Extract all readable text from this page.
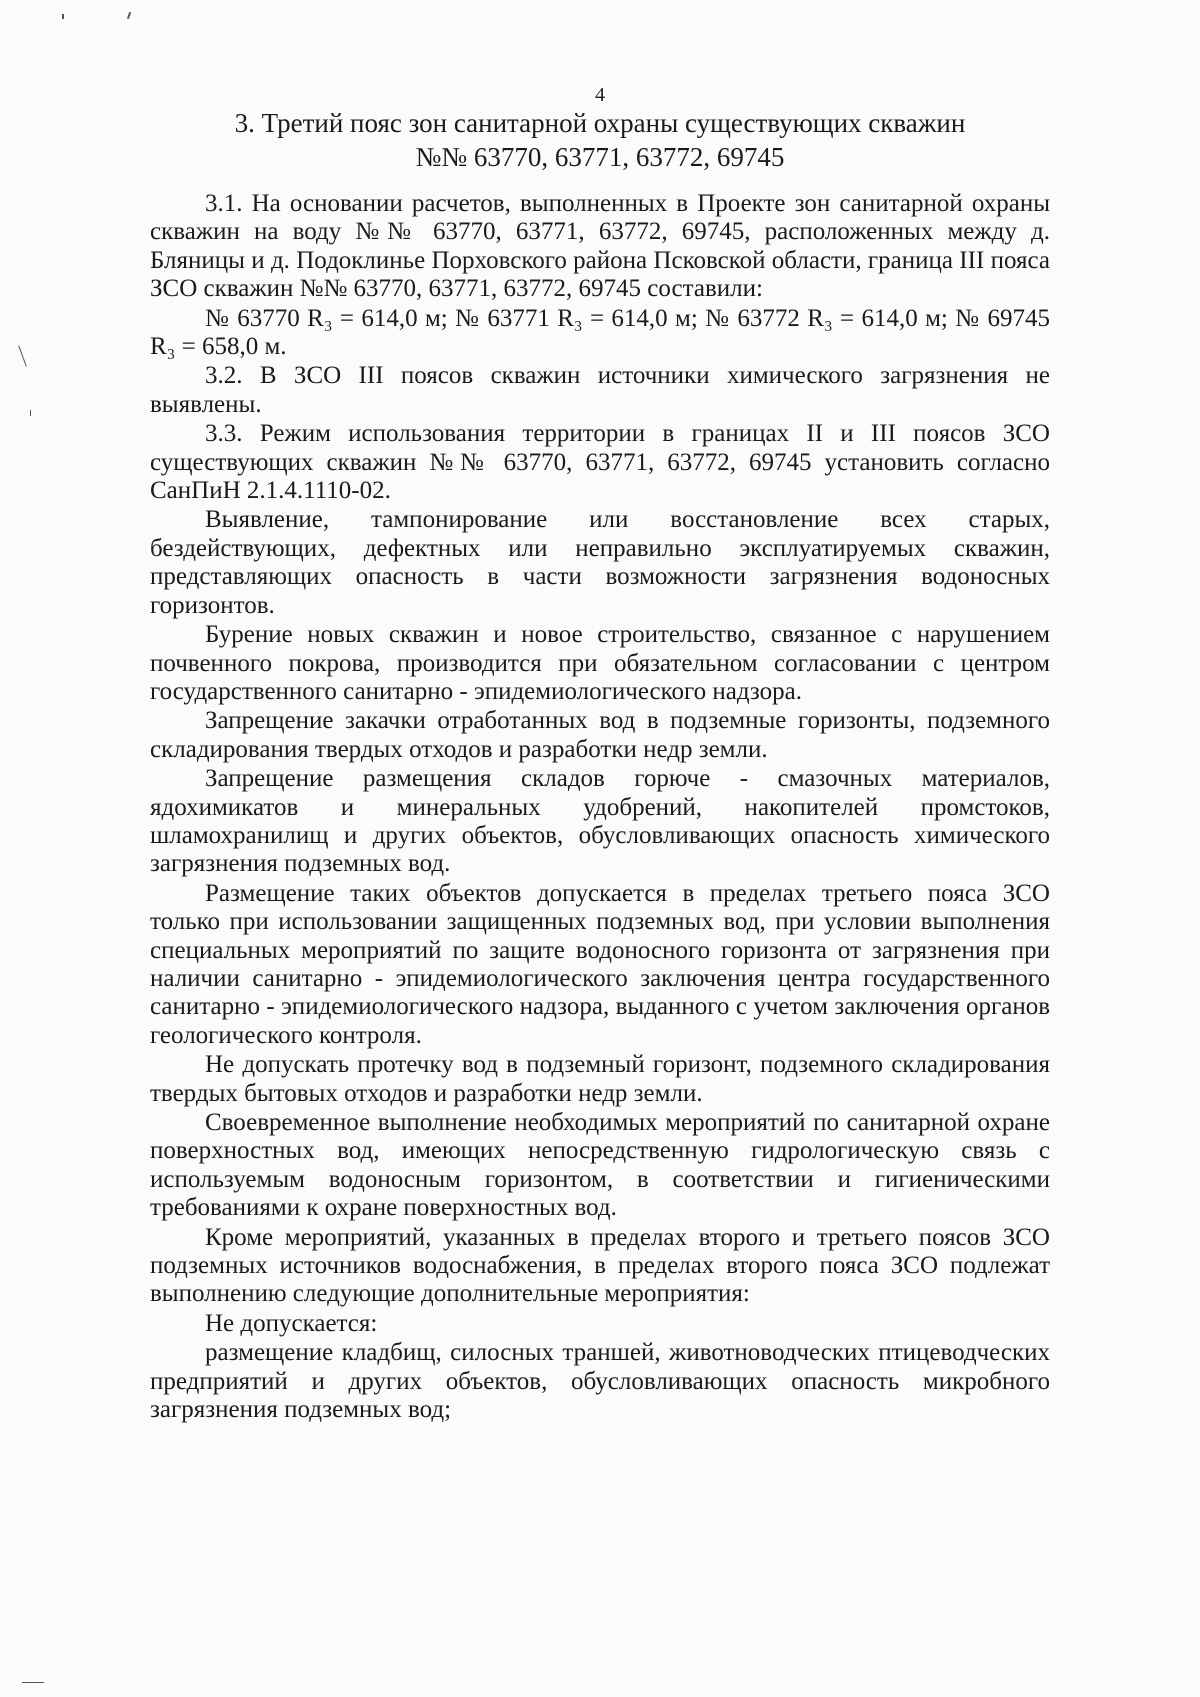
4
3. Третий пояс зон санитарной охраны существующих скважин
№№ 63770, 63771, 63772, 69745

3.1. На основании расчетов, выполненных в Проекте зон санитарной охраны скважин на воду №№ 63770, 63771, 63772, 69745, расположенных между д. Бляницы и д. Подоклинье Порховского района Псковской области, граница III пояса ЗСО скважин №№ 63770, 63771, 63772, 69745 составили:

№ 63770 R₃ = 614,0 м; № 63771 R₃ = 614,0 м; № 63772 R₃ = 614,0 м; № 69745 R₃ = 658,0 м.

3.2. В ЗСО III поясов скважин источники химического загрязнения не выявлены.

3.3. Режим использования территории в границах II и III поясов ЗСО существующих скважин №№ 63770, 63771, 63772, 69745 установить согласно СанПиН 2.1.4.1110-02.

Выявление, тампонирование или восстановление всех старых, бездействующих, дефектных или неправильно эксплуатируемых скважин, представляющих опасность в части возможности загрязнения водоносных горизонтов.

Бурение новых скважин и новое строительство, связанное с нарушением почвенного покрова, производится при обязательном согласовании с центром государственного санитарно - эпидемиологического надзора.

Запрещение закачки отработанных вод в подземные горизонты, подземного складирования твердых отходов и разработки недр земли.

Запрещение размещения складов горюче - смазочных материалов, ядохимикатов и минеральных удобрений, накопителей промстоков, шламохранилищ и других объектов, обусловливающих опасность химического загрязнения подземных вод.

Размещение таких объектов допускается в пределах третьего пояса ЗСО только при использовании защищенных подземных вод, при условии выполнения специальных мероприятий по защите водоносного горизонта от загрязнения при наличии санитарно - эпидемиологического заключения центра государственного санитарно - эпидемиологического надзора, выданного с учетом заключения органов геологического контроля.

Не допускать протечку вод в подземный горизонт, подземного складирования твердых бытовых отходов и разработки недр земли.

Своевременное выполнение необходимых мероприятий по санитарной охране поверхностных вод, имеющих непосредственную гидрологическую связь с используемым водоносным горизонтом, в соответствии и гигиеническими требованиями к охране поверхностных вод.

Кроме мероприятий, указанных в пределах второго и третьего поясов ЗСО подземных источников водоснабжения, в пределах второго пояса ЗСО подлежат выполнению следующие дополнительные мероприятия:

Не допускается:

размещение кладбищ, силосных траншей, животноводческих птицеводческих предприятий и других объектов, обусловливающих опасность микробного загрязнения подземных вод;
